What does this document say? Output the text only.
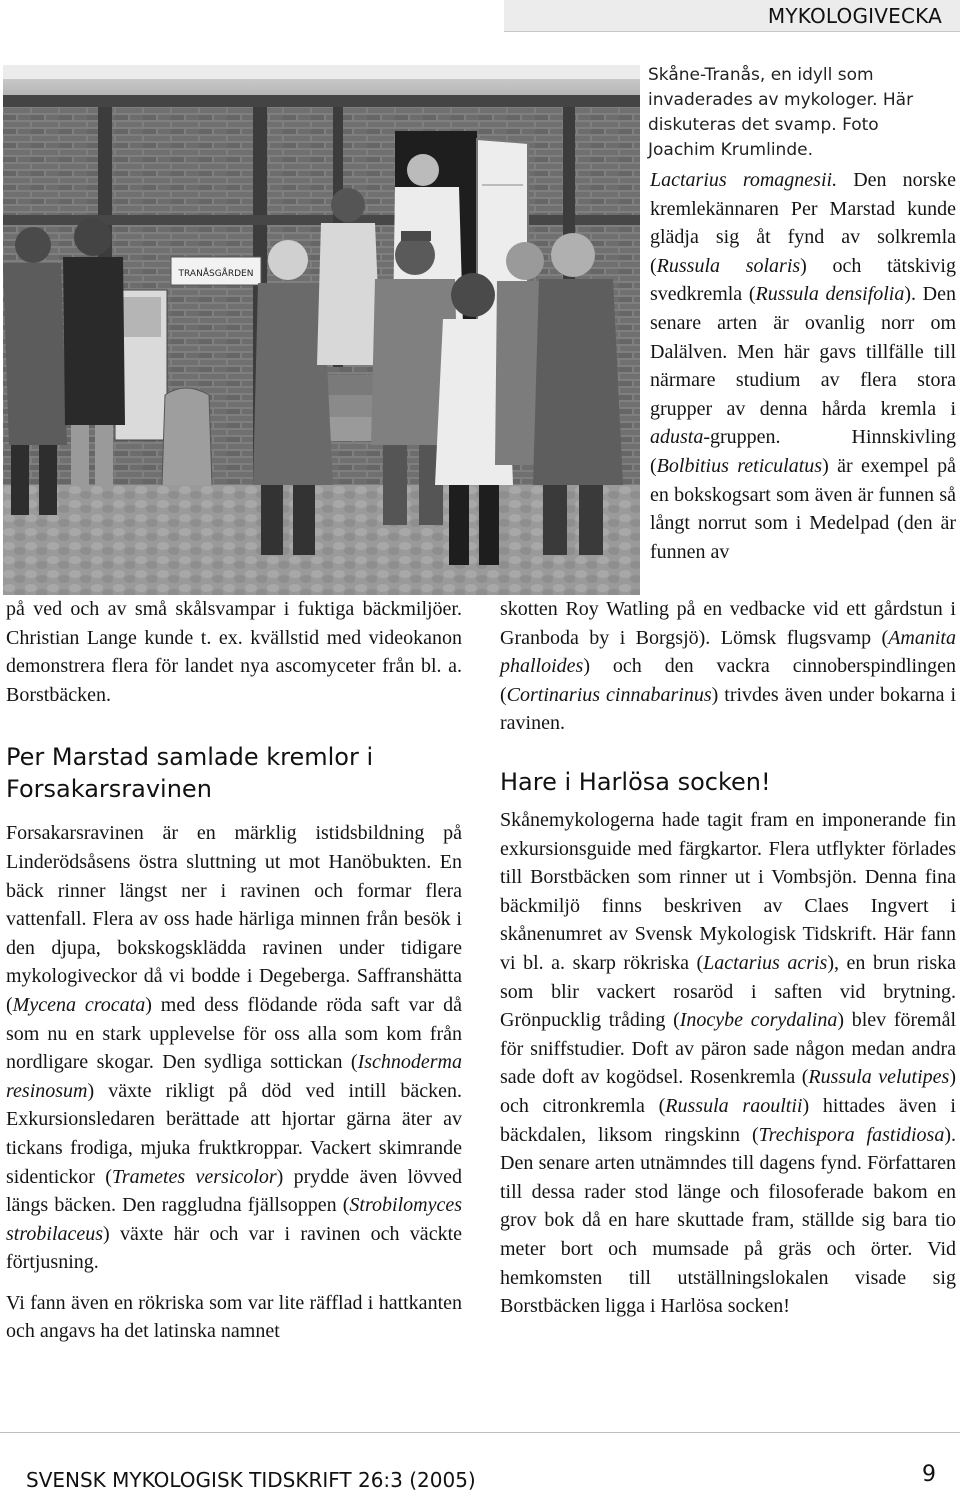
MYKOLOGIVECKA
TRANÅSGÅRDEN
Skåne-Tranås, en idyll som invaderades av mykologer. Här diskuteras det svamp. Foto Joachim Krumlinde.

Lactarius romagnesii. Den norske kremlekännaren Per Marstad kunde glädja sig åt fynd av solkremla (Russula solaris) och tätskivig svedkremla (Russula densifolia). Den senare arten är ovanlig norr om Dalälven. Men här gavs tillfälle till närmare studium av flera stora grupper av denna hårda kremla i adusta-gruppen. Hinnskivling (Bolbitius reticulatus) är exempel på en bokskogsart som även är funnen så långt norrut som i Medelpad (den är funnen av

skotten Roy Watling på en vedbacke vid ett gårdstun i Granboda by i Borgsjö). Lömsk flugsvamp (Amanita phalloides) och den vackra cinnoberspindlingen (Cortinarius cinnabarinus) trivdes även under bokarna i ravinen.

på ved och av små skålsvampar i fuktiga bäckmiljöer. Christian Lange kunde t. ex. kvällstid med videokanon demonstrera flera för landet nya ascomyceter från bl. a. Borstbäcken.

Per Marstad samlade kremlor i Forsakarsravinen

Forsakarsravinen är en märklig istidsbildning på Linderödsåsens östra sluttning ut mot Hanöbukten. En bäck rinner längst ner i ravinen och formar flera vattenfall. Flera av oss hade härliga minnen från besök i den djupa, bokskogsklädda ravinen under tidigare mykologiveckor då vi bodde i Degeberga. Saffranshätta (Mycena crocata) med dess flödande röda saft var då som nu en stark upplevelse för oss alla som kom från nordligare skogar. Den sydliga sottickan (Ischnoderma resinosum) växte rikligt på död ved intill bäcken. Exkursionsledaren berättade att hjortar gärna äter av tickans frodiga, mjuka fruktkroppar. Vackert skimrande sidentickor (Trametes versicolor) prydde även lövved längs bäcken. Den raggludna fjällsoppen (Strobilomyces strobilaceus) växte här och var i ravinen och väckte förtjusning.

Vi fann även en rökriska som var lite räfflad i hattkanten och angavs ha det latinska namnet

Hare i Harlösa socken!

Skånemykologerna hade tagit fram en imponerande fin exkursionsguide med färgkartor. Flera utflykter förlades till Borstbäcken som rinner ut i Vombsjön. Denna fina bäckmiljö finns beskriven av Claes Ingvert i skånenumret av Svensk Mykologisk Tidskrift. Här fann vi bl. a. skarp rökriska (Lactarius acris), en brun riska som blir vackert rosaröd i saften vid brytning. Grönpucklig tråding (Inocybe corydalina) blev föremål för sniffstudier. Doft av päron sade någon medan andra sade doft av kogödsel. Rosenkremla (Russula velutipes) och citronkremla (Russula raoultii) hittades även i bäckdalen, liksom ringskinn (Trechispora fastidiosa). Den senare arten utnämndes till dagens fynd. Författaren till dessa rader stod länge och filosoferade bakom en grov bok då en hare skuttade fram, ställde sig bara tio meter bort och mumsade på gräs och örter. Vid hemkomsten till utställningslokalen visade sig Borstbäcken ligga i Harlösa socken!

SVENSK MYKOLOGISK TIDSKRIFT 26:3 (2005)	9
